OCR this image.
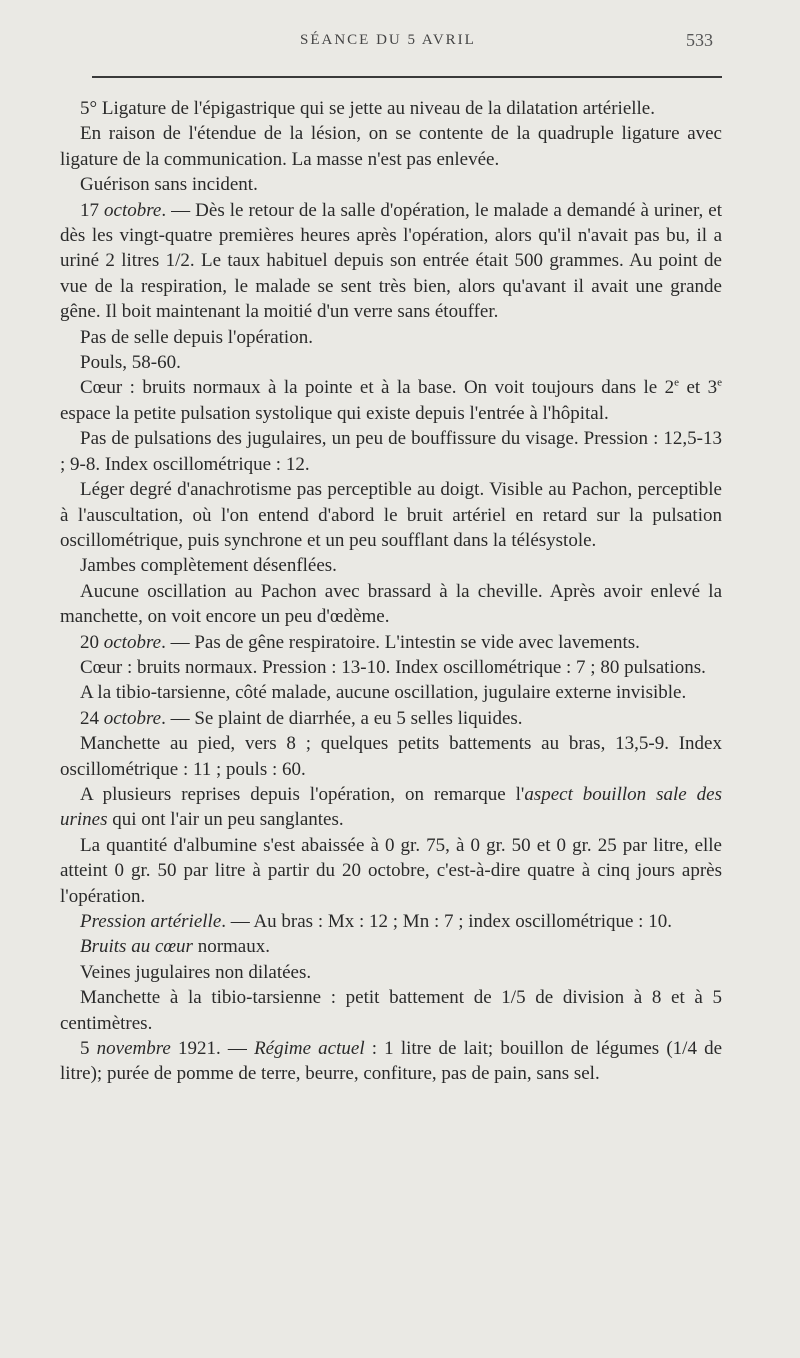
SÉANCE DU 5 AVRIL	533

5° Ligature de l'épigastrique qui se jette au niveau de la dilatation artérielle.

En raison de l'étendue de la lésion, on se contente de la quadruple ligature avec ligature de la communication. La masse n'est pas enlevée.

Guérison sans incident.

17 octobre. — Dès le retour de la salle d'opération, le malade a demandé à uriner, et dès les vingt-quatre premières heures après l'opération, alors qu'il n'avait pas bu, il a uriné 2 litres 1/2. Le taux habituel depuis son entrée était 500 grammes. Au point de vue de la respiration, le malade se sent très bien, alors qu'avant il avait une grande gêne. Il boit maintenant la moitié d'un verre sans étouffer.

Pas de selle depuis l'opération.

Pouls, 58-60.

Cœur : bruits normaux à la pointe et à la base. On voit toujours dans le 2e et 3e espace la petite pulsation systolique qui existe depuis l'entrée à l'hôpital.

Pas de pulsations des jugulaires, un peu de bouffissure du visage. Pression : 12,5-13 ; 9-8. Index oscillométrique : 12.

Léger degré d'anachrotisme pas perceptible au doigt. Visible au Pachon, perceptible à l'auscultation, où l'on entend d'abord le bruit artériel en retard sur la pulsation oscillométrique, puis synchrone et un peu soufflant dans la télésystole.

Jambes complètement désenflées.

Aucune oscillation au Pachon avec brassard à la cheville. Après avoir enlevé la manchette, on voit encore un peu d'œdème.

20 octobre. — Pas de gêne respiratoire. L'intestin se vide avec lavements.

Cœur : bruits normaux. Pression : 13-10. Index oscillométrique : 7 ; 80 pulsations.

A la tibio-tarsienne, côté malade, aucune oscillation, jugulaire externe invisible.

24 octobre. — Se plaint de diarrhée, a eu 5 selles liquides.

Manchette au pied, vers 8 ; quelques petits battements au bras, 13,5-9. Index oscillométrique : 11 ; pouls : 60.

A plusieurs reprises depuis l'opération, on remarque l'aspect bouillon sale des urines qui ont l'air un peu sanglantes.

La quantité d'albumine s'est abaissée à 0 gr. 75, à 0 gr. 50 et 0 gr. 25 par litre, elle atteint 0 gr. 50 par litre à partir du 20 octobre, c'est-à-dire quatre à cinq jours après l'opération.

Pression artérielle. — Au bras : Mx : 12 ; Mn : 7 ; index oscillométrique : 10.

Bruits au cœur normaux.

Veines jugulaires non dilatées.

Manchette à la tibio-tarsienne : petit battement de 1/5 de division à 8 et à 5 centimètres.

5 novembre 1921. — Régime actuel : 1 litre de lait; bouillon de légumes (1/4 de litre); purée de pomme de terre, beurre, confiture, pas de pain, sans sel.
